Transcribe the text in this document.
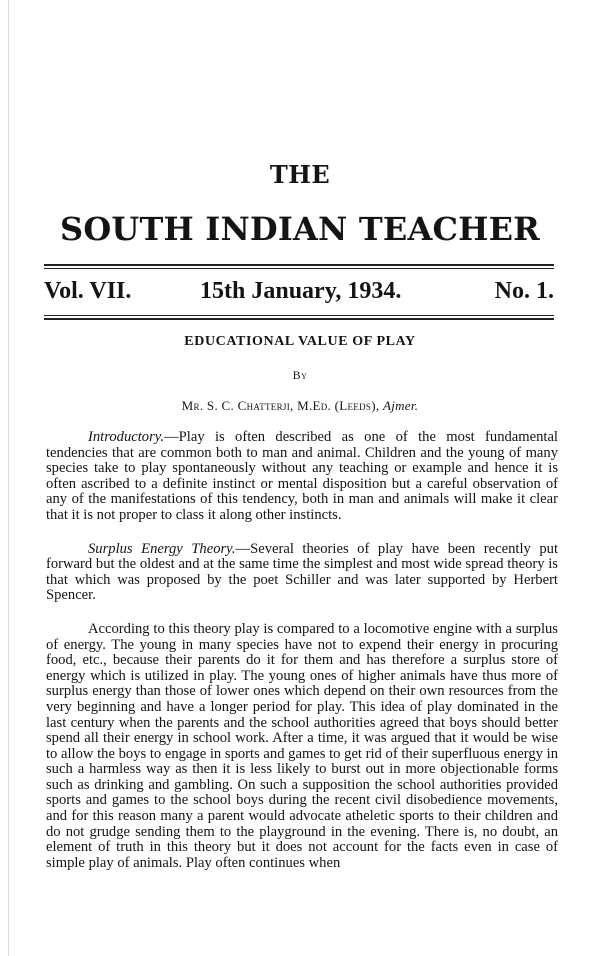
THE
SOUTH INDIAN TEACHER
Vol. VII.	15th January, 1934.	No. 1.
EDUCATIONAL VALUE OF PLAY
By
Mr. S. C. Chatterji, M.Ed. (Leeds), Ajmer.

Introductory.—Play is often described as one of the most fundamental tendencies that are common both to man and animal. Children and the young of many species take to play spontaneously without any teaching or example and hence it is often ascribed to a definite instinct or mental disposition but a careful observation of any of the manifestations of this tendency, both in man and animals will make it clear that it is not proper to class it along other instincts.

Surplus Energy Theory.—Several theories of play have been recently put forward but the oldest and at the same time the simplest and most wide spread theory is that which was proposed by the poet Schiller and was later supported by Herbert Spencer.

According to this theory play is compared to a locomotive engine with a surplus of energy. The young in many species have not to expend their energy in procuring food, etc., because their parents do it for them and has therefore a surplus store of energy which is utilized in play. The young ones of higher animals have thus more of surplus energy than those of lower ones which depend on their own resources from the very beginning and have a longer period for play. This idea of play dominated in the last century when the parents and the school authorities agreed that boys should better spend all their energy in school work. After a time, it was argued that it would be wise to allow the boys to engage in sports and games to get rid of their superfluous energy in such a harmless way as then it is less likely to burst out in more objectionable forms such as drinking and gambling. On such a supposition the school authorities provided sports and games to the school boys during the recent civil disobedience movements, and for this reason many a parent would advocate atheletic sports to their children and do not grudge sending them to the playground in the evening. There is, no doubt, an element of truth in this theory but it does not account for the facts even in case of simple play of animals. Play often continues when
